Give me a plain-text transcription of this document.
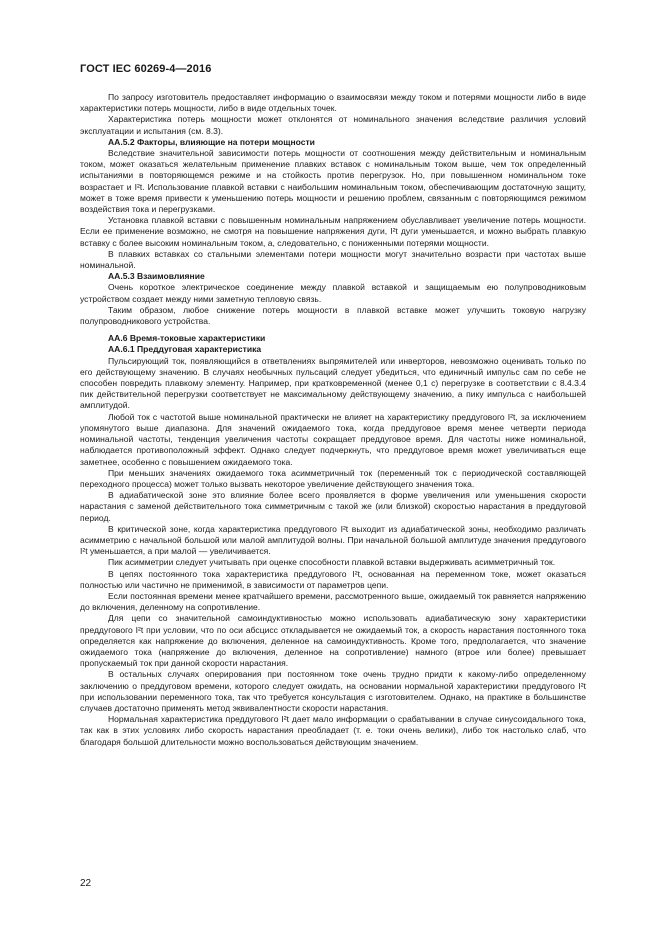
ГОСТ IEC 60269-4—2016

По запросу изготовитель предоставляет информацию о взаимосвязи между током и потерями мощности либо в виде характеристики потерь мощности, либо в виде отдельных точек.

Характеристика потерь мощности может отклонятся от номинального значения вследствие различия условий эксплуатации и испытания (см. 8.3).

АА.5.2 Факторы, влияющие на потери мощности

Вследствие значительной зависимости потерь мощности от соотношения между действительным и номинальным током, может оказаться желательным применение плавких вставок с номинальным током выше, чем ток определенный испытаниями в повторяющемся режиме и на стойкость против перегрузок. Но, при повышенном номинальном токе возрастает и I²t. Использование плавкой вставки с наибольшим номинальным током, обеспечивающим достаточную защиту, может в тоже время привести к уменьшению потерь мощности и решению проблем, связанным с повторяющимся режимом воздействия тока и перегрузками.

Установка плавкой вставки с повышенным номинальным напряжением обуславливает увеличение потерь мощности. Если ее применение возможно, не смотря на повышение напряжения дуги, I²t дуги уменьшается, и можно выбрать плавкую вставку с более высоким номинальным током, а, следовательно, с пониженными потерями мощности.

В плавких вставках со стальными элементами потери мощности могут значительно возрасти при частотах выше номинальной.

АА.5.3 Взаимовлияние

Очень короткое электрическое соединение между плавкой вставкой и защищаемым ею полупроводниковым устройством создает между ними заметную тепловую связь.

Таким образом, любое снижение потерь мощности в плавкой вставке может улучшить токовую нагрузку полупроводникового устройства.

АА.6 Время-токовые характеристики
АА.6.1 Преддуговая характеристика

Пульсирующий ток, появляющийся в ответвлениях выпрямителей или инверторов, невозможно оценивать только по его действующему значению. В случаях необычных пульсаций следует убедиться, что единичный импульс сам по себе не способен повредить плавкому элементу. Например, при кратковременной (менее 0,1 с) перегрузке в соответствии с 8.4.3.4 пик действительной перегрузки соответствует не максимальному действующему значению, а пику импульса с наибольшей амплитудой.

Любой ток с частотой выше номинальной практически не влияет на характеристику преддугового I²t, за исключением упомянутого выше диапазона. Для значений ожидаемого тока, когда преддуговое время менее четверти периода номинальной частоты, тенденция увеличения частоты сокращает преддуговое время. Для частоты ниже номинальной, наблюдается противоположный эффект. Однако следует подчеркнуть, что преддуговое время может увеличиваться еще заметнее, особенно с повышением ожидаемого тока.

При меньших значениях ожидаемого тока асимметричный ток (переменный ток с периодической составляющей переходного процесса) может только вызвать некоторое увеличение действующего значения тока.

В адиабатической зоне это влияние более всего проявляется в форме увеличения или уменьшения скорости нарастания с заменой действительного тока симметричным с такой же (или близкой) скоростью нарастания в преддуговой период.

В критической зоне, когда характеристика преддугового I²t выходит из адиабатической зоны, необходимо различать асимметрию с начальной большой или малой амплитудой волны. При начальной большой амплитуде значения преддугового I²t уменьшается, а при малой — увеличивается.

Пик асимметрии следует учитывать при оценке способности плавкой вставки выдерживать асимметричный ток.

В цепях постоянного тока характеристика преддугового I²t, основанная на переменном токе, может оказаться полностью или частично не применимой, в зависимости от параметров цепи.

Если постоянная времени менее кратчайшего времени, рассмотренного выше, ожидаемый ток равняется напряжению до включения, деленному на сопротивление.

Для цепи со значительной самоиндуктивностью можно использовать адиабатическую зону характеристики преддугового I²t при условии, что по оси абсцисс откладывается не ожидаемый ток, а скорость нарастания постоянного тока определяется как напряжение до включения, деленное на самоиндуктивность. Кроме того, предполагается, что значение ожидаемого тока (напряжение до включения, деленное на сопротивление) намного (втрое или более) превышает пропускаемый ток при данной скорости нарастания.

В остальных случаях оперирования при постоянном токе очень трудно придти к какому-либо определенному заключению о преддуговом времени, которого следует ожидать, на основании нормальной характеристики преддугового I²t при использовании переменного тока, так что требуется консультация с изготовителем. Однако, на практике в большинстве случаев достаточно применять метод эквивалентности скорости нарастания.

Нормальная характеристика преддугового I²t дает мало информации о срабатывании в случае синусоидального тока, так как в этих условиях либо скорость нарастания преобладает (т. е. токи очень велики), либо ток настолько слаб, что благодаря большой длительности можно воспользоваться действующим значением.

22
